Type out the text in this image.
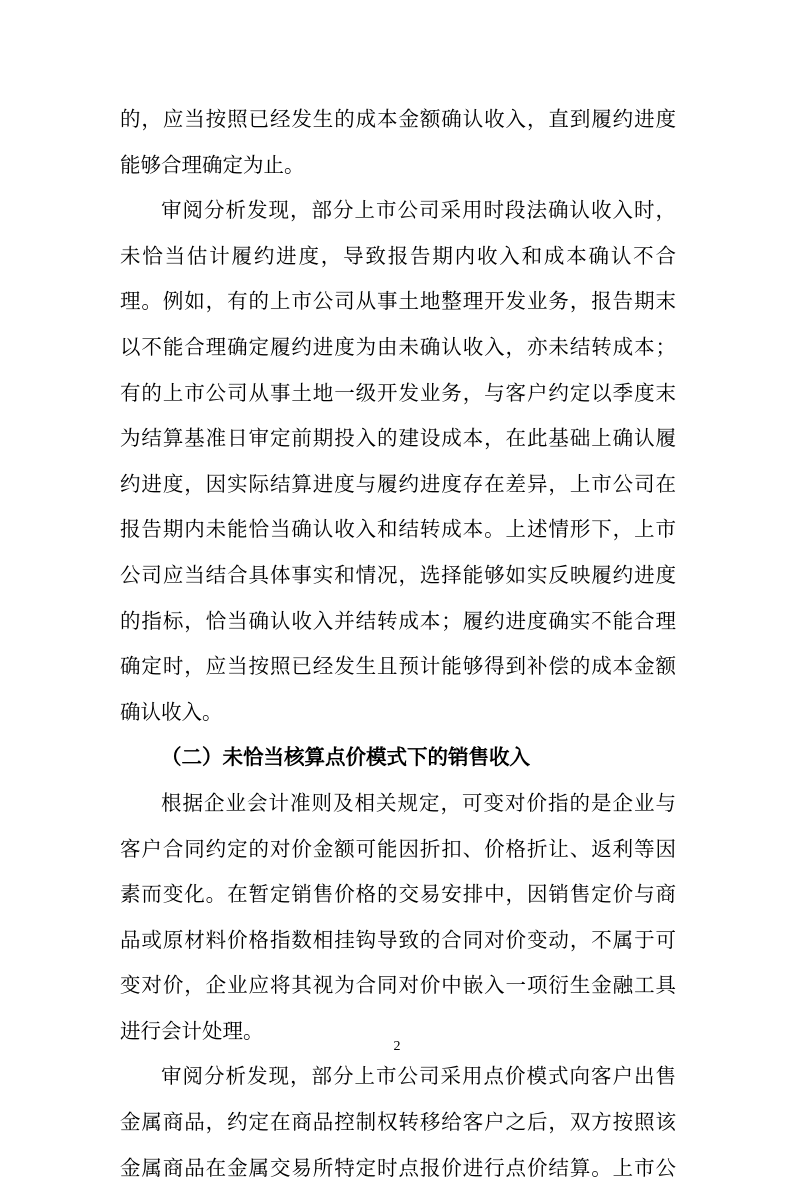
的，应当按照已经发生的成本金额确认收入，直到履约进度
能够合理确定为止。
审阅分析发现，部分上市公司采用时段法确认收入时，
未恰当估计履约进度，导致报告期内收入和成本确认不合
理。例如，有的上市公司从事土地整理开发业务，报告期末
以不能合理确定履约进度为由未确认收入，亦未结转成本；
有的上市公司从事土地一级开发业务，与客户约定以季度末
为结算基准日审定前期投入的建设成本，在此基础上确认履
约进度，因实际结算进度与履约进度存在差异，上市公司在
报告期内未能恰当确认收入和结转成本。上述情形下，上市
公司应当结合具体事实和情况，选择能够如实反映履约进度
的指标，恰当确认收入并结转成本；履约进度确实不能合理
确定时，应当按照已经发生且预计能够得到补偿的成本金额
确认收入。
（二）未恰当核算点价模式下的销售收入
根据企业会计准则及相关规定，可变对价指的是企业与
客户合同约定的对价金额可能因折扣、价格折让、返利等因
素而变化。在暂定销售价格的交易安排中，因销售定价与商
品或原材料价格指数相挂钩导致的合同对价变动，不属于可
变对价，企业应将其视为合同对价中嵌入一项衍生金融工具
进行会计处理。
审阅分析发现，部分上市公司采用点价模式向客户出售
金属商品，约定在商品控制权转移给客户之后，双方按照该
金属商品在金属交易所特定时点报价进行点价结算。上市公
2
